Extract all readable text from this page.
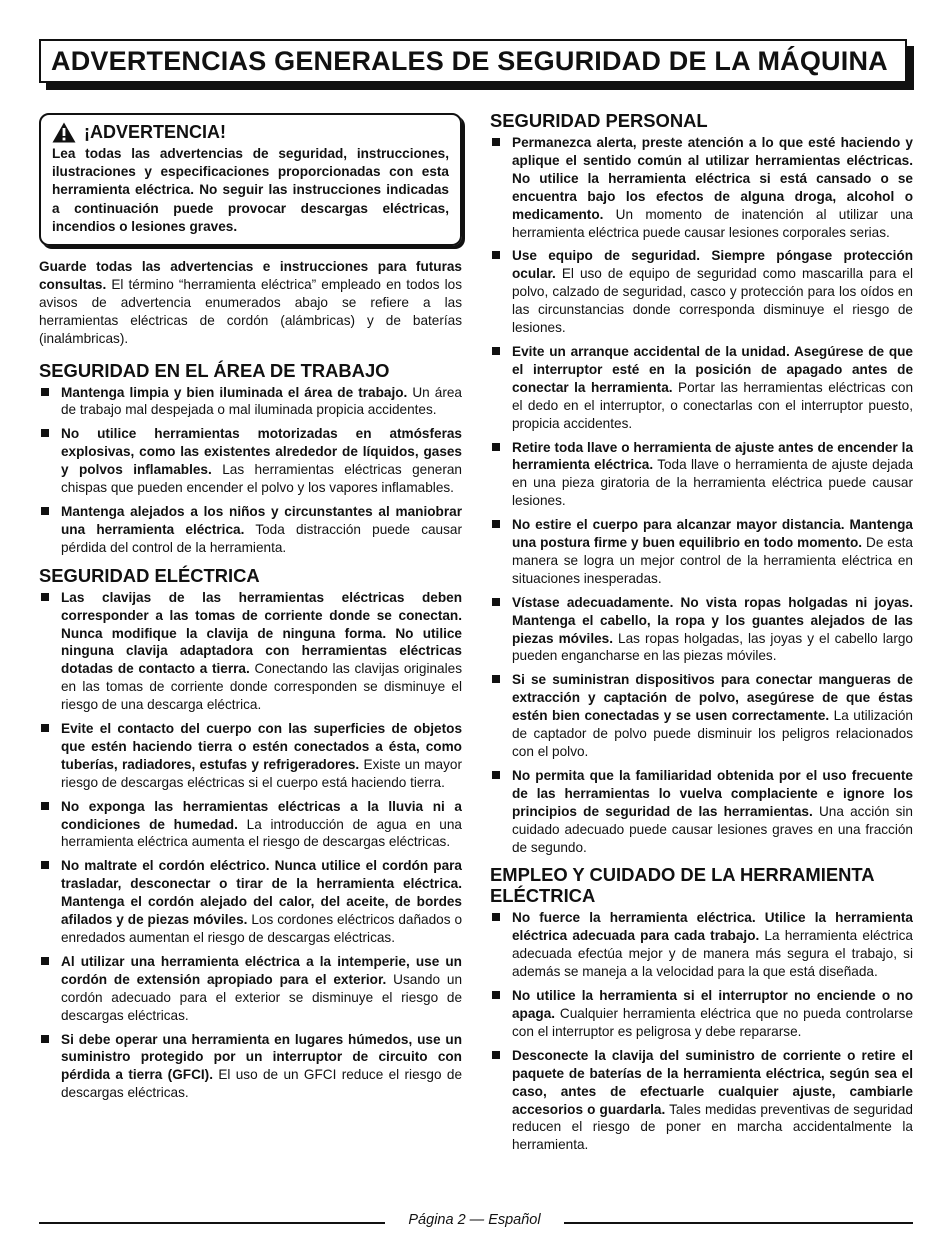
ADVERTENCIAS GENERALES DE SEGURIDAD DE LA MÁQUINA
¡ADVERTENCIA!
Lea todas las advertencias de seguridad, instrucciones, ilustraciones y especificaciones proporcionadas con esta herramienta eléctrica. No seguir las instrucciones indicadas a continuación puede provocar descargas eléctricas, incendios o lesiones graves.

Guarde todas las advertencias e instrucciones para futuras consultas. El término “herramienta eléctrica” empleado en todos los avisos de advertencia enumerados abajo se refiere a las herramientas eléctricas de cordón (alámbricas) y de baterías (inalámbricas).

SEGURIDAD EN EL ÁREA DE TRABAJO
Mantenga limpia y bien iluminada el área de trabajo. Un área de trabajo mal despejada o mal iluminada propicia accidentes.
No utilice herramientas motorizadas en atmósferas explosivas, como las existentes alrededor de líquidos, gases y polvos inflamables. Las herramientas eléctricas generan chispas que pueden encender el polvo y los vapores inflamables.
Mantenga alejados a los niños y circunstantes al maniobrar una herramienta eléctrica. Toda distracción puede causar pérdida del control de la herramienta.
SEGURIDAD ELÉCTRICA
Las clavijas de las herramientas eléctricas deben corresponder a las tomas de corriente donde se conectan. Nunca modifique la clavija de ninguna forma. No utilice ninguna clavija adaptadora con herramientas eléctricas dotadas de contacto a tierra. Conectando las clavijas originales en las tomas de corriente donde corresponden se disminuye el riesgo de una descarga eléctrica.
Evite el contacto del cuerpo con las superficies de objetos que estén haciendo tierra o estén conectados a ésta, como tuberías, radiadores, estufas y refrigeradores. Existe un mayor riesgo de descargas eléctricas si el cuerpo está haciendo tierra.
No exponga las herramientas eléctricas a la lluvia ni a condiciones de humedad. La introducción de agua en una herramienta eléctrica aumenta el riesgo de descargas eléctricas.
No maltrate el cordón eléctrico. Nunca utilice el cordón para trasladar, desconectar o tirar de la herramienta eléctrica. Mantenga el cordón alejado del calor, del aceite, de bordes afilados y de piezas móviles. Los cordones eléctricos dañados o enredados aumentan el riesgo de descargas eléctricas.
Al utilizar una herramienta eléctrica a la intemperie, use un cordón de extensión apropiado para el exterior. Usando un cordón adecuado para el exterior se disminuye el riesgo de descargas eléctricas.
Si debe operar una herramienta en lugares húmedos, use un suministro protegido por un interruptor de circuito con pérdida a tierra (GFCI). El uso de un GFCI reduce el riesgo de descargas eléctricas.
SEGURIDAD PERSONAL
Permanezca alerta, preste atención a lo que esté haciendo y aplique el sentido común al utilizar herramientas eléctricas. No utilice la herramienta eléctrica si está cansado o se encuentra bajo los efectos de alguna droga, alcohol o medicamento. Un momento de inatención al utilizar una herramienta eléctrica puede causar lesiones corporales serias.
Use equipo de seguridad. Siempre póngase protección ocular. El uso de equipo de seguridad como mascarilla para el polvo, calzado de seguridad, casco y protección para los oídos en las circunstancias donde corresponda disminuye el riesgo de lesiones.
Evite un arranque accidental de la unidad. Asegúrese de que el interruptor esté en la posición de apagado antes de conectar la herramienta. Portar las herramientas eléctricas con el dedo en el interruptor, o conectarlas con el interruptor puesto, propicia accidentes.
Retire toda llave o herramienta de ajuste antes de encender la herramienta eléctrica. Toda llave o herramienta de ajuste dejada en una pieza giratoria de la herramienta eléctrica puede causar lesiones.
No estire el cuerpo para alcanzar mayor distancia. Mantenga una postura firme y buen equilibrio en todo momento. De esta manera se logra un mejor control de la herramienta eléctrica en situaciones inesperadas.
Vístase adecuadamente. No vista ropas holgadas ni joyas. Mantenga el cabello, la ropa y los guantes alejados de las piezas móviles. Las ropas holgadas, las joyas y el cabello largo pueden engancharse en las piezas móviles.
Si se suministran dispositivos para conectar mangueras de extracción y captación de polvo, asegúrese de que éstas estén bien conectadas y se usen correctamente. La utilización de captador de polvo puede disminuir los peligros relacionados con el polvo.
No permita que la familiaridad obtenida por el uso frecuente de las herramientas lo vuelva complaciente e ignore los principios de seguridad de las herramientas. Una acción sin cuidado adecuado puede causar lesiones graves en una fracción de segundo.
EMPLEO Y CUIDADO DE LA HERRAMIENTA ELÉCTRICA
No fuerce la herramienta eléctrica. Utilice la herramienta eléctrica adecuada para cada trabajo. La herramienta eléctrica adecuada efectúa mejor y de manera más segura el trabajo, si además se maneja a la velocidad para la que está diseñada.
No utilice la herramienta si el interruptor no enciende o no apaga. Cualquier herramienta eléctrica que no pueda controlarse con el interruptor es peligrosa y debe repararse.
Desconecte la clavija del suministro de corriente o retire el paquete de baterías de la herramienta eléctrica, según sea el caso, antes de efectuarle cualquier ajuste, cambiarle accesorios o guardarla. Tales medidas preventivas de seguridad reducen el riesgo de poner en marcha accidentalmente la herramienta.
Página 2 — Español
